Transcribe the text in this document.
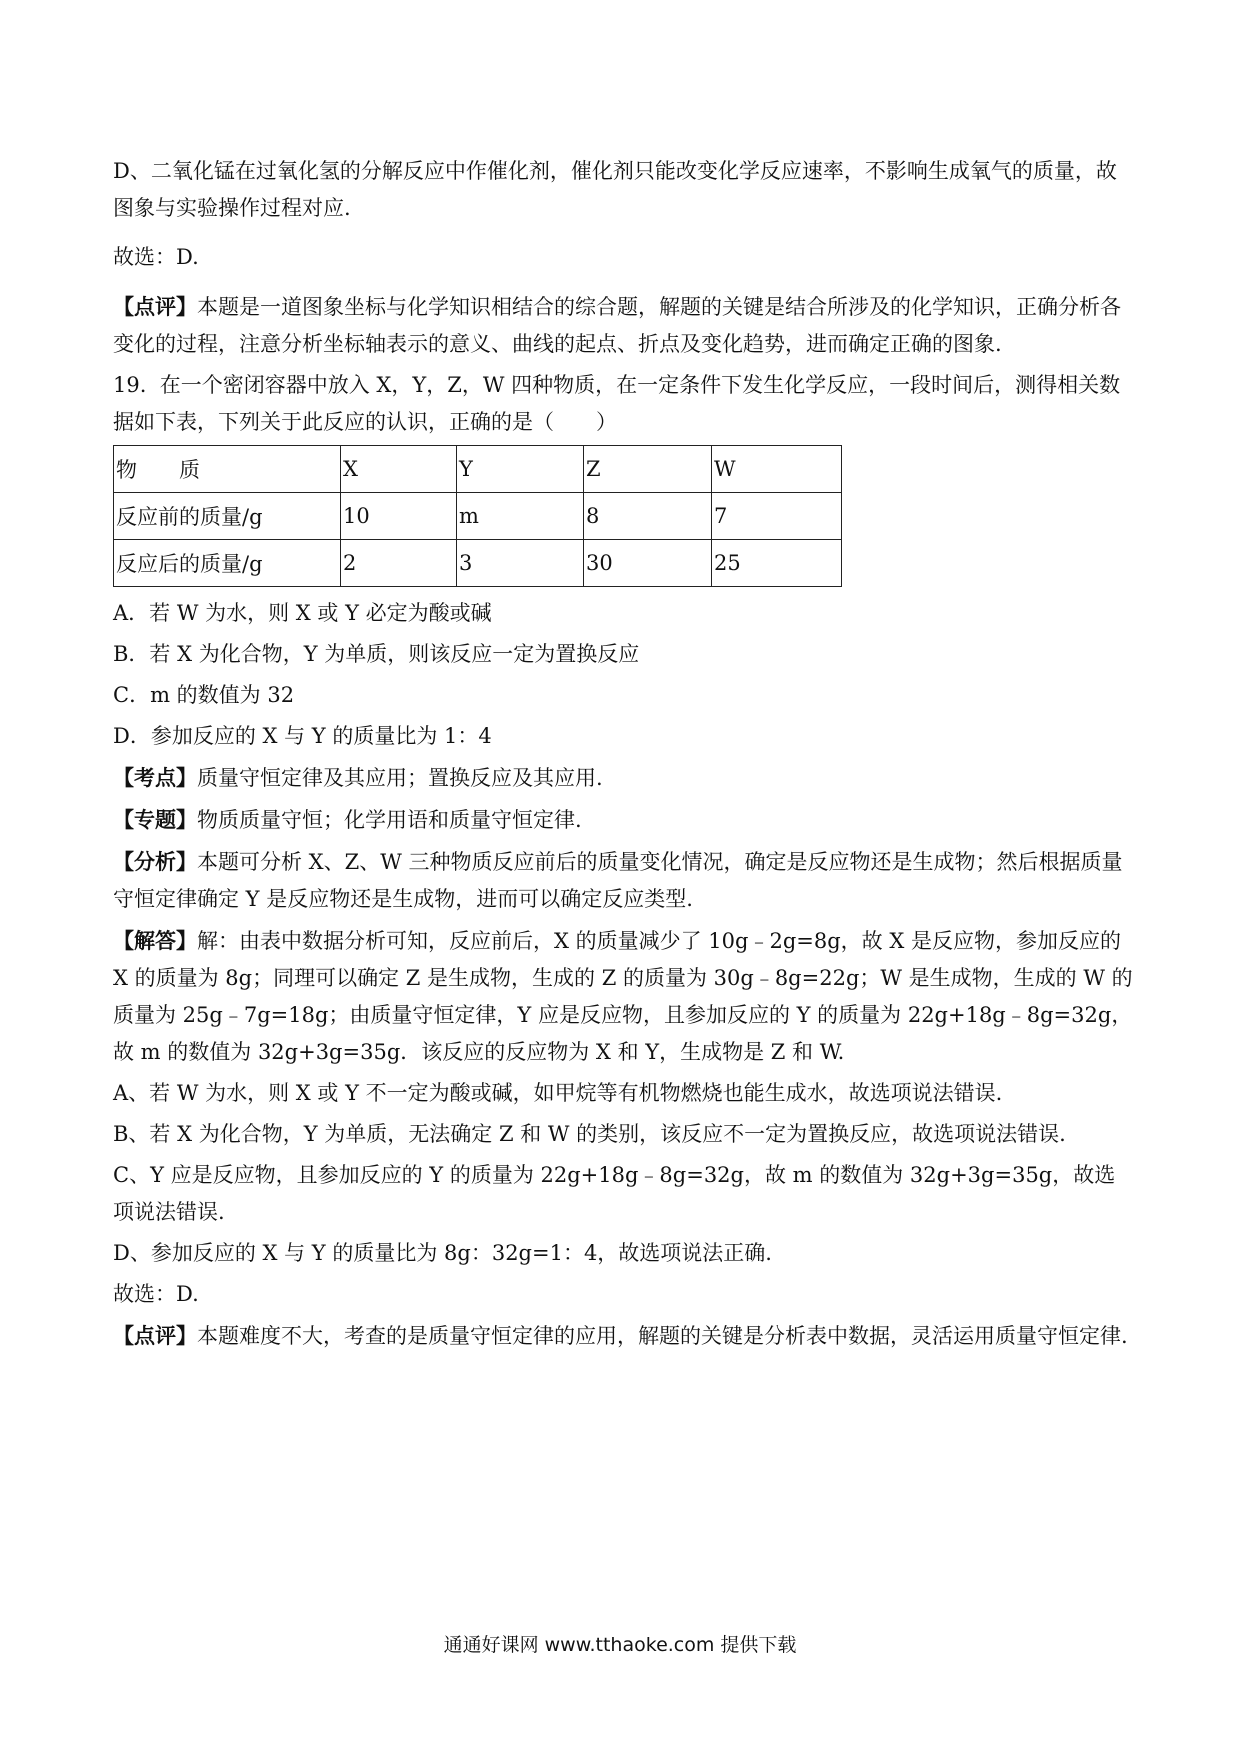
D、二氧化锰在过氧化氢的分解反应中作催化剂，催化剂只能改变化学反应速率，不影响生成氧气的质量，故图象与实验操作过程对应.

故选：D.

【点评】本题是一道图象坐标与化学知识相结合的综合题，解题的关键是结合所涉及的化学知识，正确分析各变化的过程，注意分析坐标轴表示的意义、曲线的起点、折点及变化趋势，进而确定正确的图象.

19.  在一个密闭容器中放入 X，Y，Z，W 四种物质，在一定条件下发生化学反应，一段时间后，测得相关数据如下表，下列关于此反应的认识，正确的是（　　）

物　　质	X	Y	Z	W
反应前的质量/g	10	m	8	7
反应后的质量/g	2	3	30	25

A．若 W 为水，则 X 或 Y 必定为酸或碱

B．若 X 为化合物，Y 为单质，则该反应一定为置换反应

C．m 的数值为 32

D．参加反应的 X 与 Y 的质量比为 1：4

【考点】质量守恒定律及其应用；置换反应及其应用.

【专题】物质质量守恒；化学用语和质量守恒定律.

【分析】本题可分析 X、Z、W 三种物质反应前后的质量变化情况，确定是反应物还是生成物；然后根据质量守恒定律确定 Y 是反应物还是生成物，进而可以确定反应类型.

【解答】解：由表中数据分析可知，反应前后，X 的质量减少了 10g﹣2g=8g，故 X 是反应物，参加反应的 X 的质量为 8g；同理可以确定 Z 是生成物，生成的 Z 的质量为 30g﹣8g=22g；W 是生成物，生成的 W 的质量为 25g﹣7g=18g；由质量守恒定律，Y 应是反应物，且参加反应的 Y 的质量为 22g+18g﹣8g=32g，故 m 的数值为 32g+3g=35g．该反应的反应物为 X 和 Y，生成物是 Z 和 W.

A、若 W 为水，则 X 或 Y 不一定为酸或碱，如甲烷等有机物燃烧也能生成水，故选项说法错误.

B、若 X 为化合物，Y 为单质，无法确定 Z 和 W 的类别，该反应不一定为置换反应，故选项说法错误.

C、Y 应是反应物，且参加反应的 Y 的质量为 22g+18g﹣8g=32g，故 m 的数值为 32g+3g=35g，故选项说法错误.

D、参加反应的 X 与 Y 的质量比为 8g：32g=1：4，故选项说法正确.

故选：D.

【点评】本题难度不大，考查的是质量守恒定律的应用，解题的关键是分析表中数据，灵活运用质量守恒定律.

通通好课网 www.tthaoke.com 提供下载
